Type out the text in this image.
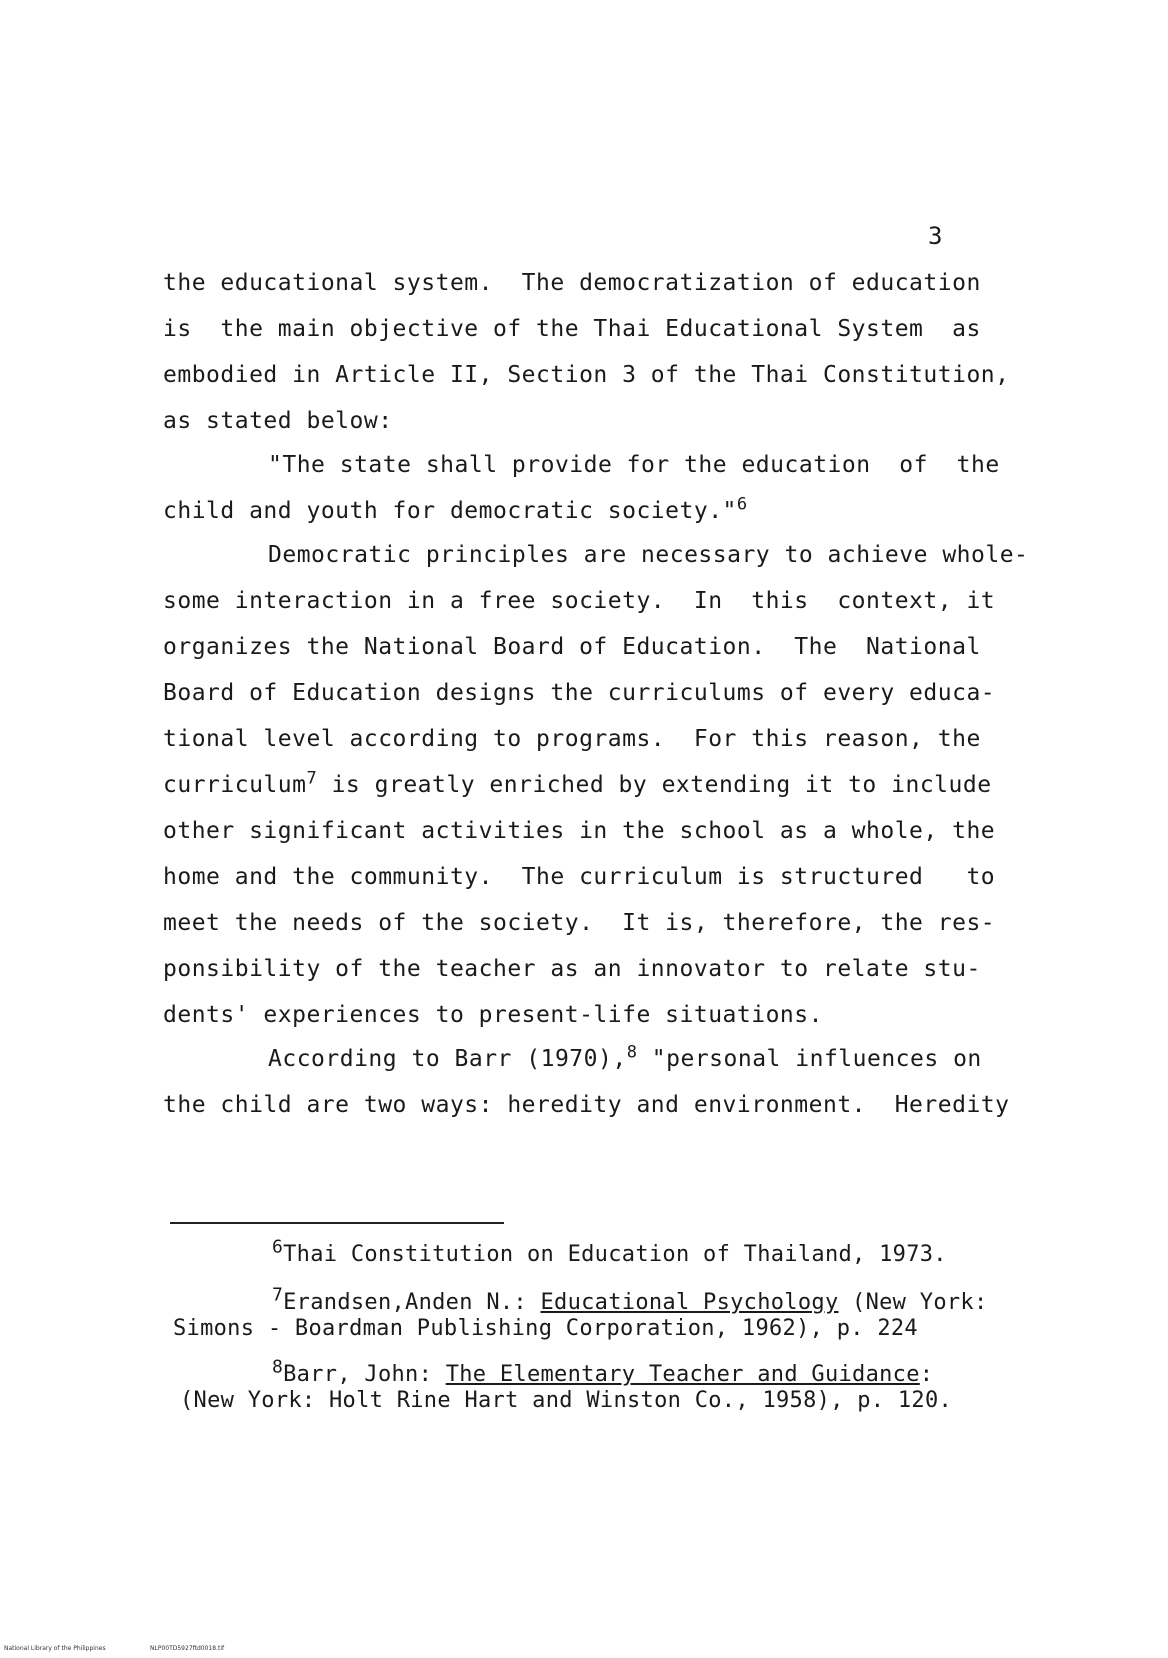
3
the educational system.  The democratization of education
is  the main objective of the Thai Educational System  as
embodied in Article II, Section 3 of the Thai Constitution,
as stated below:
"The state shall provide for the education  of  the
child and youth for democratic society."$^6$
Democratic principles are necessary to achieve whole-
some interaction in a free society.  In  this  context, it
organizes the National Board of Education.  The  National
Board of Education designs the curriculums of every educa-
tional level according to programs.  For this reason, the
curriculum$^7$ is greatly enriched by extending it to include
other significant activities in the school as a whole, the
home and the community.  The curriculum is structured   to
meet the needs of the society.  It is, therefore, the res-
ponsibility of the teacher as an innovator to relate stu-
dents' experiences to present-life situations.
According to Barr (1970),$^8$ "personal influences on
the child are two ways: heredity and environment.  Heredity
$^6$Thai Constitution on Education of Thailand, 1973.
$^7$Erandsen,Anden N.: Educational Psychology (New York:
Simons - Boardman Publishing Corporation, 1962), p. 224
$^8$Barr, John: The Elementary Teacher and Guidance:
(New York: Holt Rine Hart and Winston Co., 1958), p. 120.
National Library of the Philippines	NLP00TD5927ftd0018.tif
